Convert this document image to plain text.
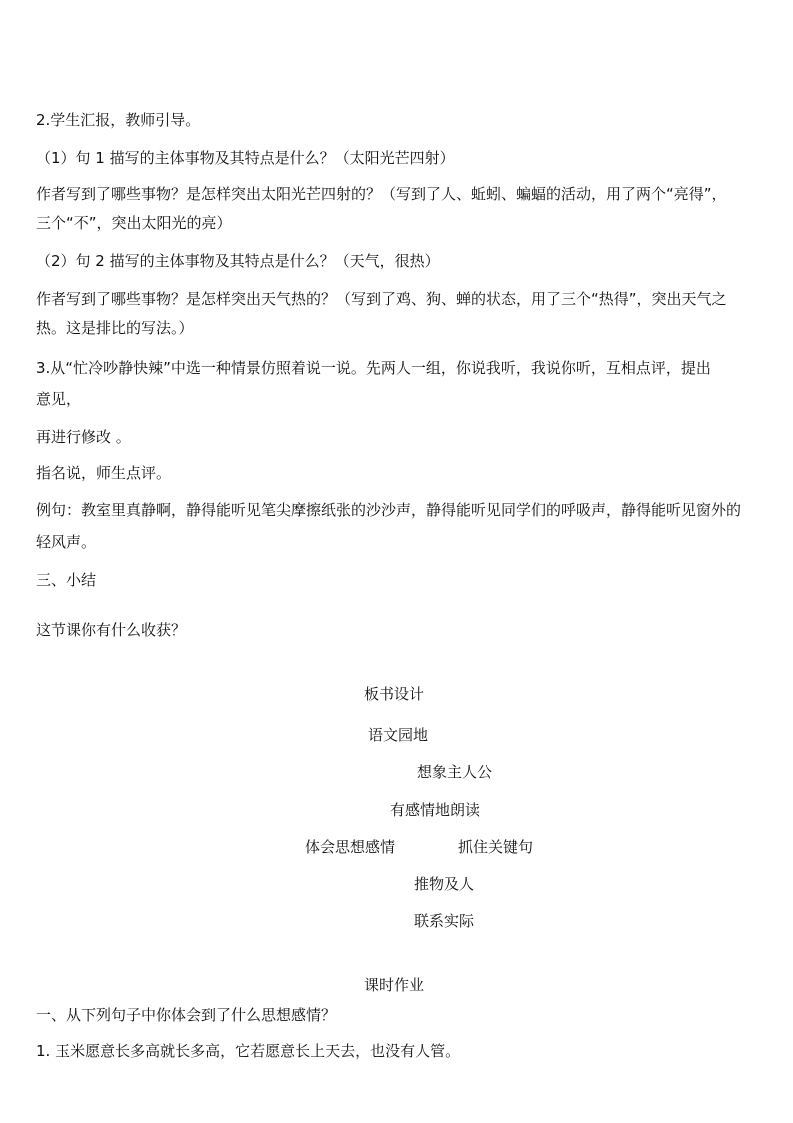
2.学生汇报，教师引导。
（1）句 1 描写的主体事物及其特点是什么？（太阳光芒四射）
作者写到了哪些事物？是怎样突出太阳光芒四射的？（写到了人、蚯蚓、蝙蝠的活动，用了两个“亮得”，
三个“不”，突出太阳光的亮）
（2）句 2 描写的主体事物及其特点是什么？（天气，很热）
作者写到了哪些事物？是怎样突出天气热的？（写到了鸡、狗、蝉的状态，用了三个“热得”，突出天气之
热。这是排比的写法。）
3.从“忙冷吵静快辣”中选一种情景仿照着说一说。先两人一组，你说我听，我说你听，互相点评，提出
意见，
再进行修改 。
指名说，师生点评。
例句：教室里真静啊，静得能听见笔尖摩擦纸张的沙沙声，静得能听见同学们的呼吸声，静得能听见窗外的
轻风声。
三、小结
这节课你有什么收获？
板书设计
语文园地
想象主人公
有感情地朗读
体会思想感情	抓住关键句
推物及人
联系实际
课时作业
一、从下列句子中你体会到了什么思想感情？
1. 玉米愿意长多高就长多高，它若愿意长上天去，也没有人管。
